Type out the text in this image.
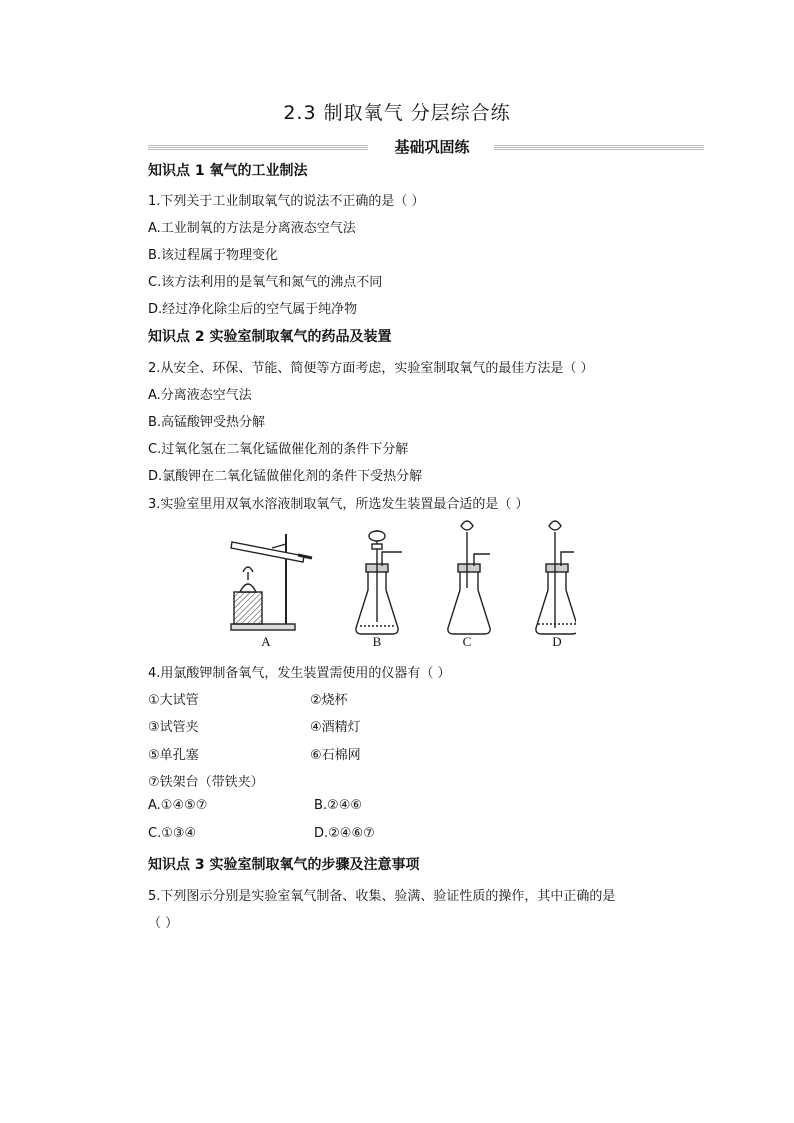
2.3 制取氧气 分层综合练
基础巩固练
知识点 1 氧气的工业制法
1.下列关于工业制取氧气的说法不正确的是（ ）
A.工业制氧的方法是分离液态空气法
B.该过程属于物理变化
C.该方法利用的是氧气和氮气的沸点不同
D.经过净化除尘后的空气属于纯净物
知识点 2 实验室制取氧气的药品及装置
2.从安全、环保、节能、简便等方面考虑，实验室制取氧气的最佳方法是（ ）
A.分离液态空气法
B.高锰酸钾受热分解
C.过氧化氢在二氧化锰做催化剂的条件下分解
D.氯酸钾在二氧化锰做催化剂的条件下受热分解
3.实验室里用双氧水溶液制取氧气，所选发生装置最合适的是（ ）
A	B	C	D
4.用氯酸钾制备氧气，发生装置需使用的仪器有（ ）
①大试管	②烧杯
③试管夹	④酒精灯
⑤单孔塞	⑥石棉网
⑦铁架台（带铁夹）
A.①④⑤⑦	B.②④⑥
C.①③④	D.②④⑥⑦
知识点 3 实验室制取氧气的步骤及注意事项
5.下列图示分别是实验室氧气制备、收集、验满、验证性质的操作，其中正确的是
（ ）
